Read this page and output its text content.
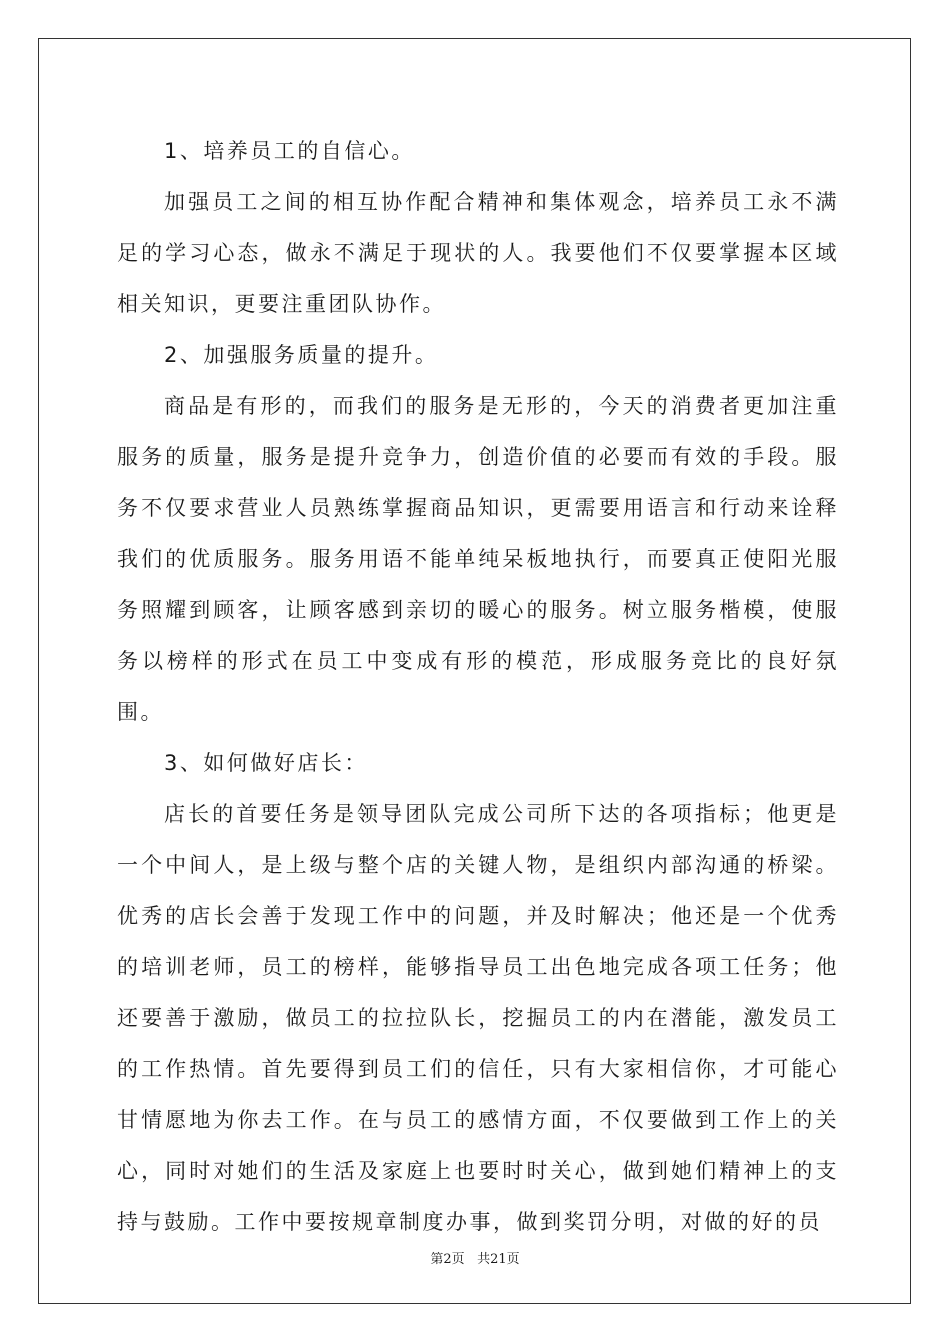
1、培养员工的自信心。

加强员工之间的相互协作配合精神和集体观念，培养员工永不满足的学习心态，做永不满足于现状的人。我要他们不仅要掌握本区域相关知识，更要注重团队协作。

2、加强服务质量的提升。

商品是有形的，而我们的服务是无形的，今天的消费者更加注重服务的质量，服务是提升竞争力，创造价值的必要而有效的手段。服务不仅要求营业人员熟练掌握商品知识，更需要用语言和行动来诠释我们的优质服务。服务用语不能单纯呆板地执行，而要真正使阳光服务照耀到顾客，让顾客感到亲切的暖心的服务。树立服务楷模，使服务以榜样的形式在员工中变成有形的模范，形成服务竞比的良好氛围。

3、如何做好店长：

店长的首要任务是领导团队完成公司所下达的各项指标；他更是一个中间人，是上级与整个店的关键人物，是组织内部沟通的桥梁。优秀的店长会善于发现工作中的问题，并及时解决；他还是一个优秀的培训老师，员工的榜样，能够指导员工出色地完成各项工任务；他还要善于激励，做员工的拉拉队长，挖掘员工的内在潜能，激发员工的工作热情。首先要得到员工们的信任，只有大家相信你，才可能心甘情愿地为你去工作。在与员工的感情方面，不仅要做到工作上的关心，同时对她们的生活及家庭上也要时时关心，做到她们精神上的支持与鼓励。工作中要按规章制度办事，做到奖罚分明，对做的好的员

第2页 共21页
